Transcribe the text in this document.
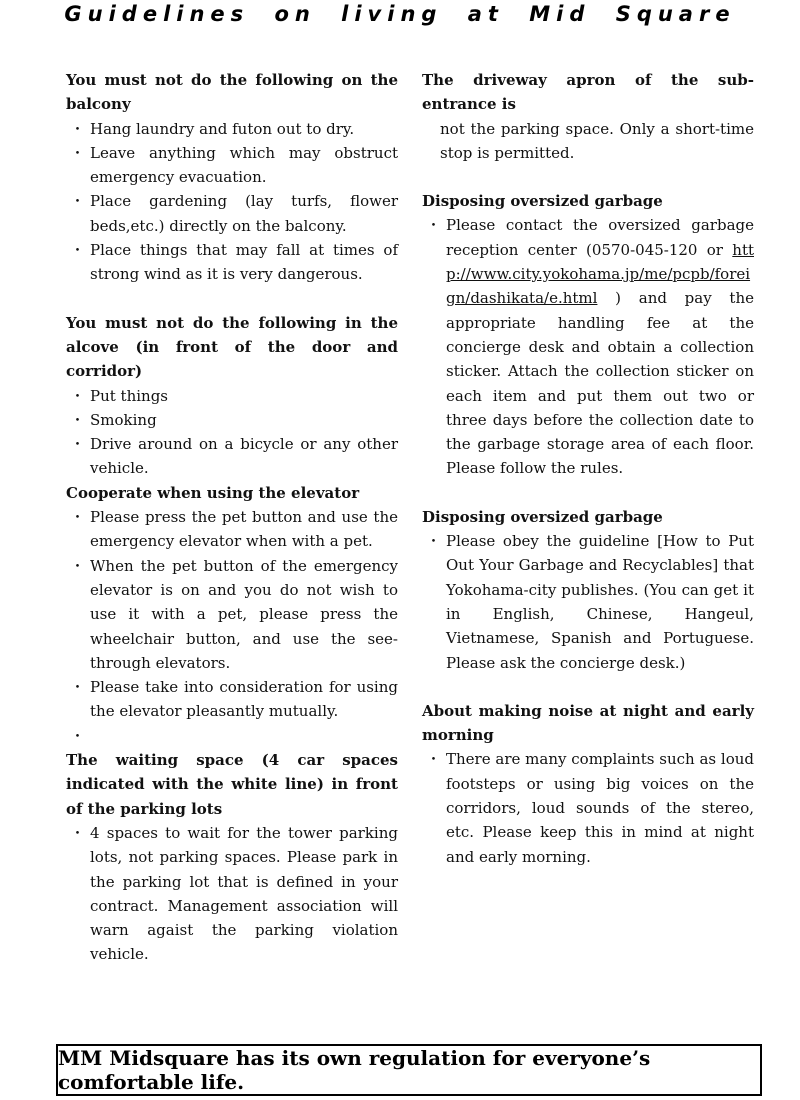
Guidelines on living at Mid Square
You must not do the following on the balcony
・ Hang laundry and futon out to dry.
・ Leave anything which may obstruct emergency evacuation.
・ Place gardening (lay turfs, flower beds,etc.) directly on the balcony.
・ Place things that may fall at times of strong wind as it is very dangerous.
You must not do the following in the alcove (in front of the door and corridor)
・ Put things
・ Smoking
・ Drive around on a bicycle or any other vehicle.
Cooperate when using the elevator
・ Please press the pet button and use the emergency elevator when with a pet.
・ When the pet button of the emergency elevator is on and you do not wish to use it with a pet, please press the wheelchair button, and use the see-through elevators.
・ Please take into consideration for using the elevator pleasantly mutually.
・

The waiting space (4 car spaces indicated with the white line) in front of the parking lots
・ 4 spaces to wait for the tower parking lots, not parking spaces. Please park in the parking lot that is defined in your contract. Management association will warn agaist the parking violation vehicle.
The driveway apron of the sub-entrance is
not the parking space. Only a short-time stop is permitted.
Disposing oversized garbage
・ Please contact the oversized garbage reception center (0570-045-120 or http://www.city.yokohama.jp/me/pcpb/foreign/dashikata/e.html ) and pay the appropriate handling fee at the concierge desk and obtain a collection sticker. Attach the collection sticker on each item and put them out two or three days before the collection date to the garbage storage area of each floor. Please follow the rules.
Disposing oversized garbage
・ Please obey the guideline [How to Put Out Your Garbage and Recyclables] that Yokohama-city publishes. (You can get it in English, Chinese, Hangeul, Vietnamese, Spanish and Portuguese. Please ask the concierge desk.)
About making noise at night and early morning
・ There are many complaints such as loud footsteps or using big voices on the corridors, loud sounds of the stereo, etc. Please keep this in mind at night and early morning.
MM Midsquare has its own regulation for everyone’s comfortable life.
